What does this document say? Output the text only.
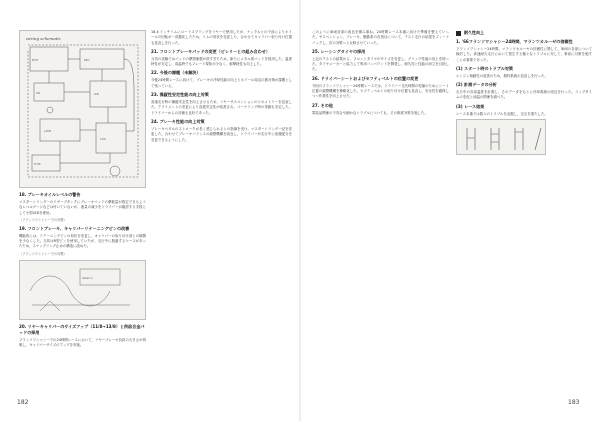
wiring schematic
BATT	REG
SW	IGN
LAMP
COIL
FUSE
18. ブレーキオイルレベルの警告
マスターシリンダーのリザーブタンクにブレーキパッドの摩耗量が推定できるようなレベルゲージなどは付いていないが、液量の減少をドライバーが確認する手段として小型LEDを使用。
（フランソワシャシーでの対策）
19. フロントブレーキ、キャリパーリテーニングピンの改善
機能的には、リテーニングピンの形状を変更し、キャリパーの取り付け部との隙間を少なくした。当初はR型ピンを使用していたが、走行中に脱落するケースがあったため、スナップリング止めの構造に改めた。
（フランソワシャシーでの対策）
detail A
20. リヤーキャリパーのサイズアップ（11/8→13/8）と供給合金パッドの採用
フランソワシャシーでの24時間レースにおいて、リヤーブレーキ負担の大きさが判明し、キャリパーサイズのアップを実施。
18.4 インチリムにロードスプリングをリヤーで使用したが、ナックルとの干渉によりホイールの回転が一部悪化したため、リムの形状を変更した。合わせてキャリパー取り付け位置も見直しを行った。
21. フロントブレーキパッドの変更（ピレリーとの組み合わせ）
当初の試験ではパッドの摩擦係数が低すぎたため、新たにメタル系パッドを採用した。温度特性が安定し、高温時でもフェード現象が少なく、耐摩耗性も向上した。
22. 今後の課題（未解決）
今後24時間レースに向けて、ブレーキの冷却性能の向上とホイール周辺の熱対策が課題として残っている。
23. 操縦性安定性能の向上対策
高速走行時の操縦安定性を向上させるため、リヤーサスペンションのジオメトリーを見直した。アライメントの変更により直進安定性が改善され、コーナリング時の挙動も安定した。ドライバーからの評価も良好であった。
24. ブレーキ性能の向上対策
ブレーキペダルのストロークが長く感じられるとの指摘を受け、マスターシリンダー径を変更した。合わせてブレーキバランスの調整機構を改良し、ドライバーが走行中に前後配分を変更できるようにした。
このように車両各部の改良を積み重ね、24時間レース本番に向けた準備を整えていった。サスペンション、ブレーキ、駆動系の各項目について、テスト走行の結果をフィードバックし、次の対策へと反映させていった。
25. レーシングタイヤの採用
上記のテストの結果から、フロントタイヤのサイズを変更し、グリップ性能の向上を図った。タイヤメーカーと協力して専用コンパウンドを開発し、耐久性と性能の両立を目指した。
26. ドライバーシートおよびセフティベルトの位置の変更
今回のフランソワシャシー24時間レースでは、ドライバー交代時間の短縮のためにシート位置の調整機構を簡略化した。セフティベルトの取り付け位置も見直し、安全性を確保しつつ作業性を向上させた。
27. その他
電装品関係の不具合や細かなトラブルについても、その都度対策を施した。
耐久性向上
1. '66フランソワシャシー24時間、マランツカルーゼの信頼性
フランソワシャシー24時間、マランツカルーゼの信頼性に関して、車両の各部について検討した。高速耐久走行において発生する様々なトラブルに対して、事前に対策を施すことが重要であった。
(1) スタート時のトラブル対策
エンジン始動性の改善のため、燃料系統の見直しを行った。
(2) 計測データの分析
走行中の各部温度を計測し、そのデータをもとに冷却系統の改良を行った。ラップタイムの変化と油温の関係を調べた。
(3) レース結果
レース本番では数々のトラブルを克服し、完走を果たした。
182	183
